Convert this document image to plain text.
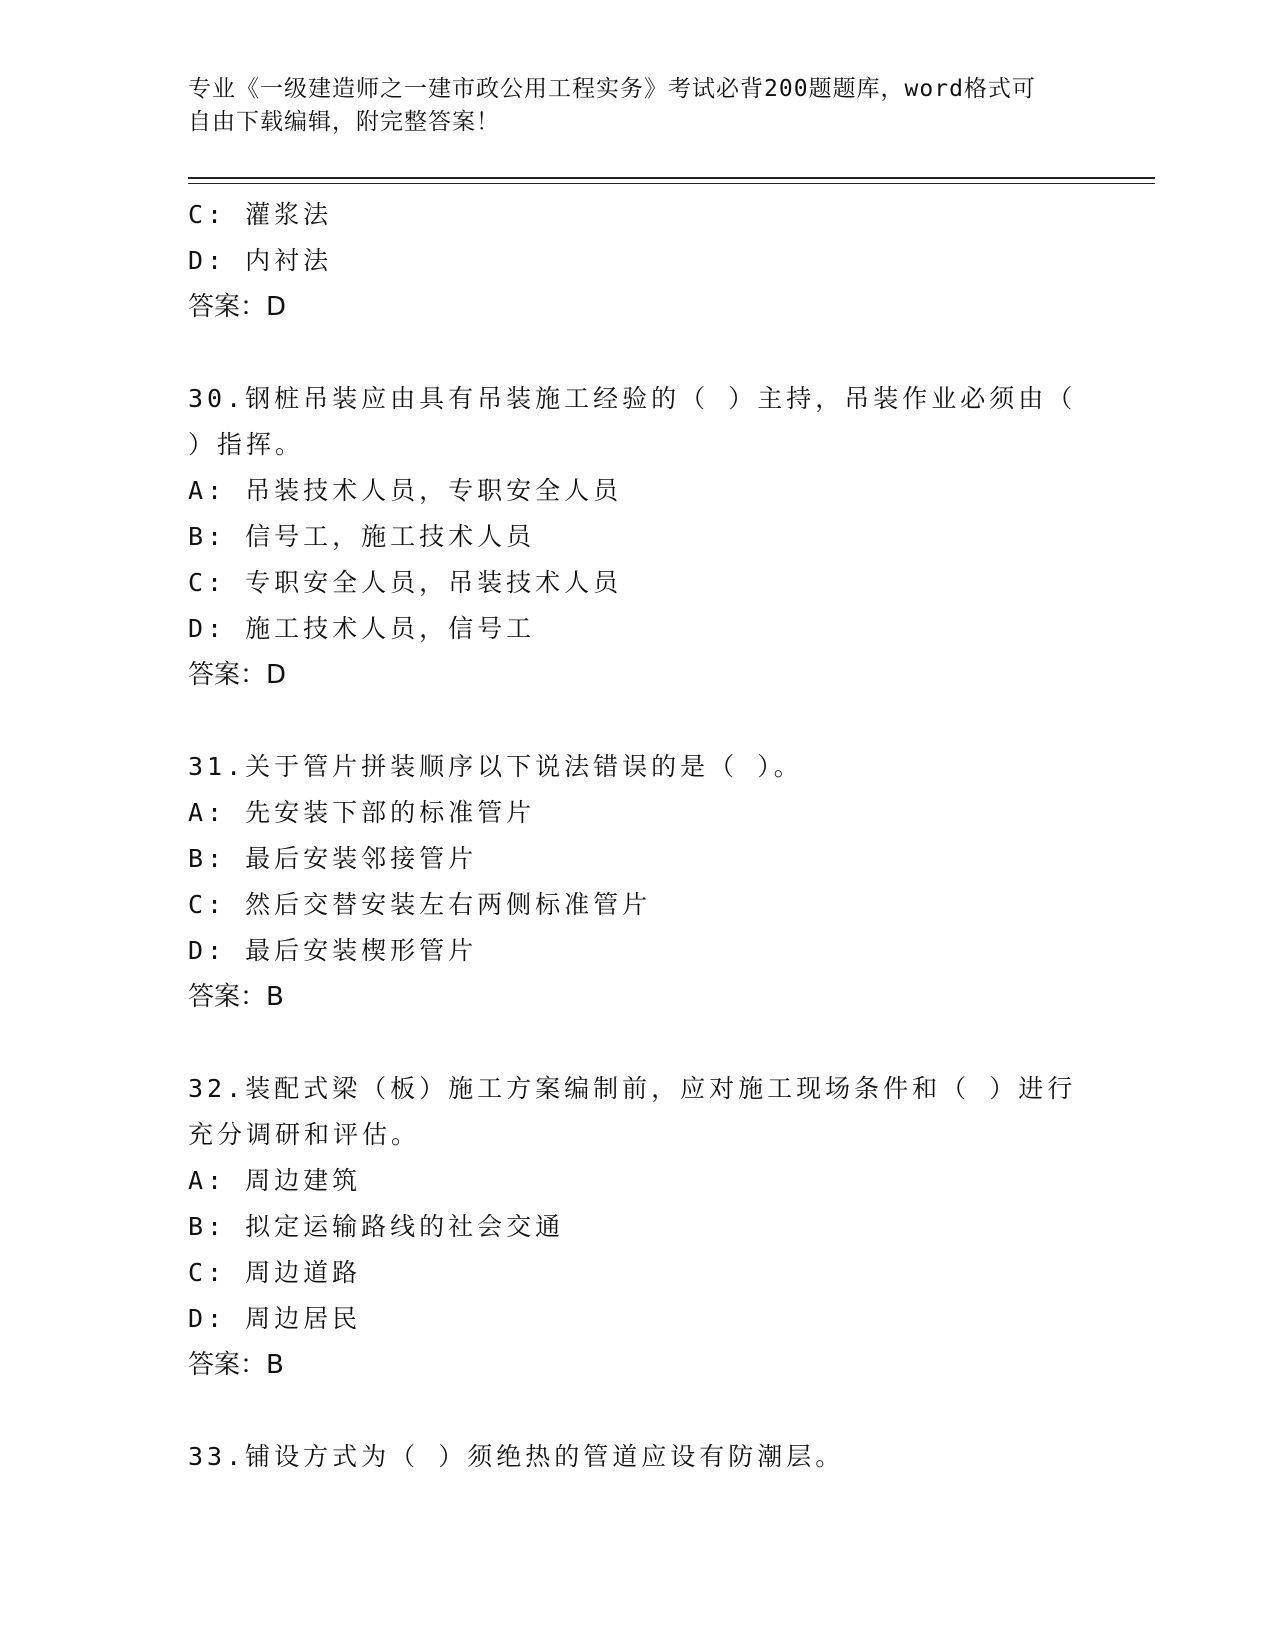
专业《一级建造师之一建市政公用工程实务》考试必背200题题库，word格式可
自由下载编辑，附完整答案！
C: 灌浆法
D: 内衬法
答案：D
30.钢桩吊装应由具有吊装施工经验的（ ）主持，吊装作业必须由（
）指挥。
A: 吊装技术人员，专职安全人员
B: 信号工，施工技术人员
C: 专职安全人员，吊装技术人员
D: 施工技术人员，信号工
答案：D
31.关于管片拼装顺序以下说法错误的是（ ）。
A: 先安装下部的标准管片
B: 最后安装邻接管片
C: 然后交替安装左右两侧标准管片
D: 最后安装楔形管片
答案：B
32.装配式梁（板）施工方案编制前，应对施工现场条件和（ ）进行
充分调研和评估。
A: 周边建筑
B: 拟定运输路线的社会交通
C: 周边道路
D: 周边居民
答案：B
33.铺设方式为（ ）须绝热的管道应设有防潮层。
